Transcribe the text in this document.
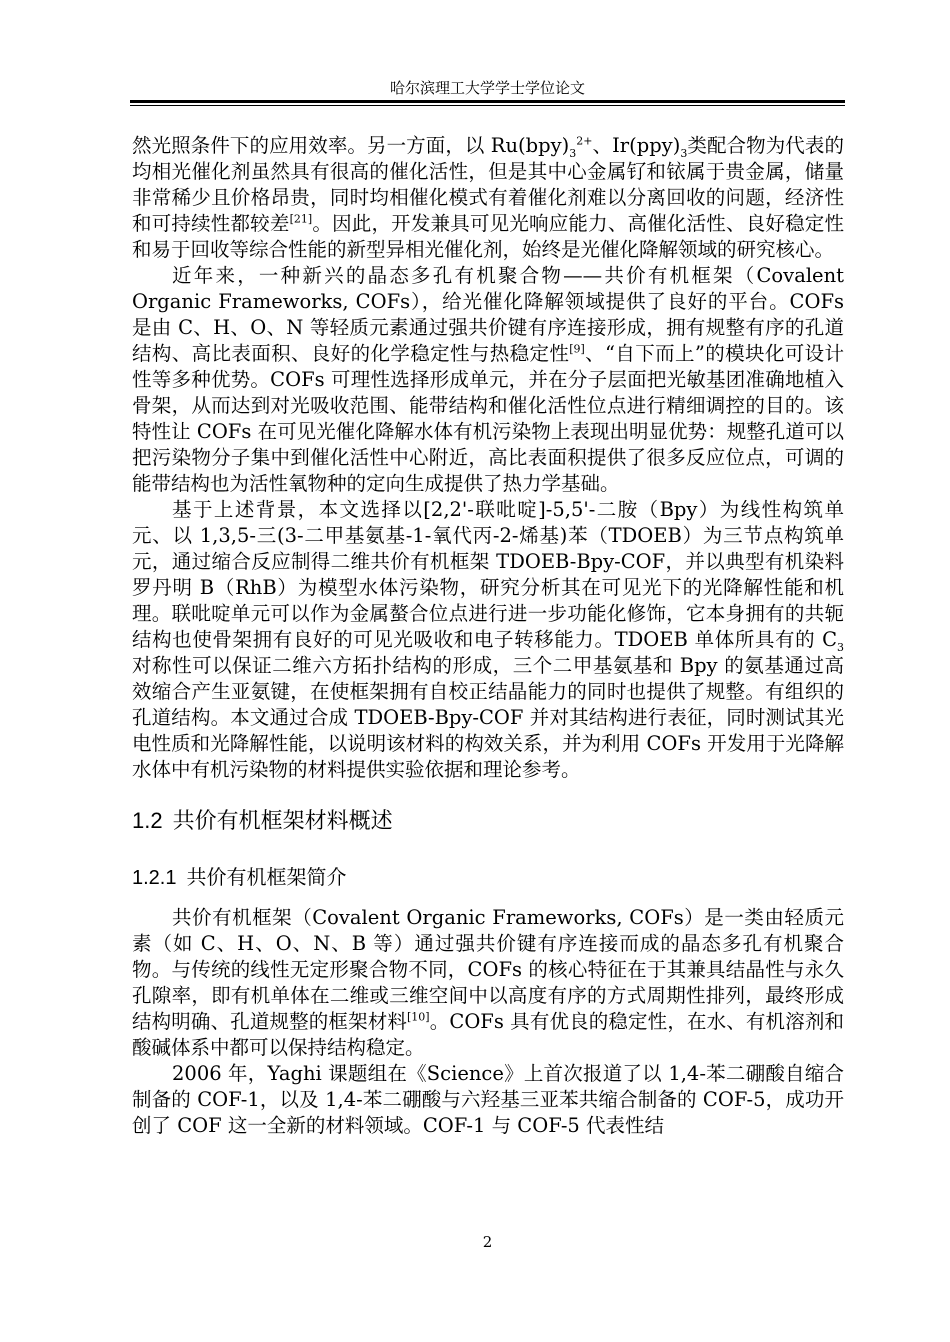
哈尔滨理工大学学士学位论文

然光照条件下的应用效率。另一方面，以 $Ru(bpy)_3^{2+}$、$Ir(ppy)_3$类配合物为代表的均相光催化剂虽然具有很高的催化活性，但是其中心金属钌和铱属于贵金属，储量非常稀少且价格昂贵，同时均相催化模式有着催化剂难以分离回收的问题，经济性和可持续性都较差[21]。因此，开发兼具可见光响应能力、高催化活性、良好稳定性和易于回收等综合性能的新型异相光催化剂，始终是光催化降解领域的研究核心。

近年来，一种新兴的晶态多孔有机聚合物——共价有机框架（Covalent Organic Frameworks, COFs），给光催化降解领域提供了良好的平台。COFs 是由 C、H、O、N 等轻质元素通过强共价键有序连接形成，拥有规整有序的孔道结构、高比表面积、良好的化学稳定性与热稳定性[9]、“自下而上”的模块化可设计性等多种优势。COFs 可理性选择形成单元，并在分子层面把光敏基团准确地植入骨架，从而达到对光吸收范围、能带结构和催化活性位点进行精细调控的目的。该特性让 COFs 在可见光催化降解水体有机污染物上表现出明显优势：规整孔道可以把污染物分子集中到催化活性中心附近，高比表面积提供了很多反应位点，可调的能带结构也为活性氧物种的定向生成提供了热力学基础。

基于上述背景，本文选择以[2,2'-联吡啶]-5,5'-二胺（Bpy）为线性构筑单元、以 1,3,5-三(3-二甲基氨基-1-氧代丙-2-烯基)苯（TDOEB）为三节点构筑单元，通过缩合反应制得二维共价有机框架 TDOEB-Bpy-COF，并以典型有机染料罗丹明 B（RhB）为模型水体污染物，研究分析其在可见光下的光降解性能和机理。联吡啶单元可以作为金属螯合位点进行进一步功能化修饰，它本身拥有的共轭结构也使骨架拥有良好的可见光吸收和电子转移能力。TDOEB 单体所具有的 $C_3$对称性可以保证二维六方拓扑结构的形成，三个二甲基氨基和 Bpy 的氨基通过高效缩合产生亚氨键，在使框架拥有自校正结晶能力的同时也提供了规整。有组织的孔道结构。本文通过合成 TDOEB-Bpy-COF 并对其结构进行表征，同时测试其光电性质和光降解性能，以说明该材料的构效关系，并为利用 COFs 开发用于光降解水体中有机污染物的材料提供实验依据和理论参考。

1.2 共价有机框架材料概述
1.2.1 共价有机框架简介

共价有机框架（Covalent Organic Frameworks, COFs）是一类由轻质元素（如 C、H、O、N、B 等）通过强共价键有序连接而成的晶态多孔有机聚合物。与传统的线性无定形聚合物不同，COFs 的核心特征在于其兼具结晶性与永久孔隙率，即有机单体在二维或三维空间中以高度有序的方式周期性排列，最终形成结构明确、孔道规整的框架材料[10]。COFs 具有优良的稳定性，在水、有机溶剂和酸碱体系中都可以保持结构稳定。

2006 年，Yaghi 课题组在《Science》上首次报道了以 1,4-苯二硼酸自缩合制备的 COF-1，以及 1,4-苯二硼酸与六羟基三亚苯共缩合制备的 COF-5，成功开创了 COF 这一全新的材料领域。COF-1 与 COF-5 代表性结

2
